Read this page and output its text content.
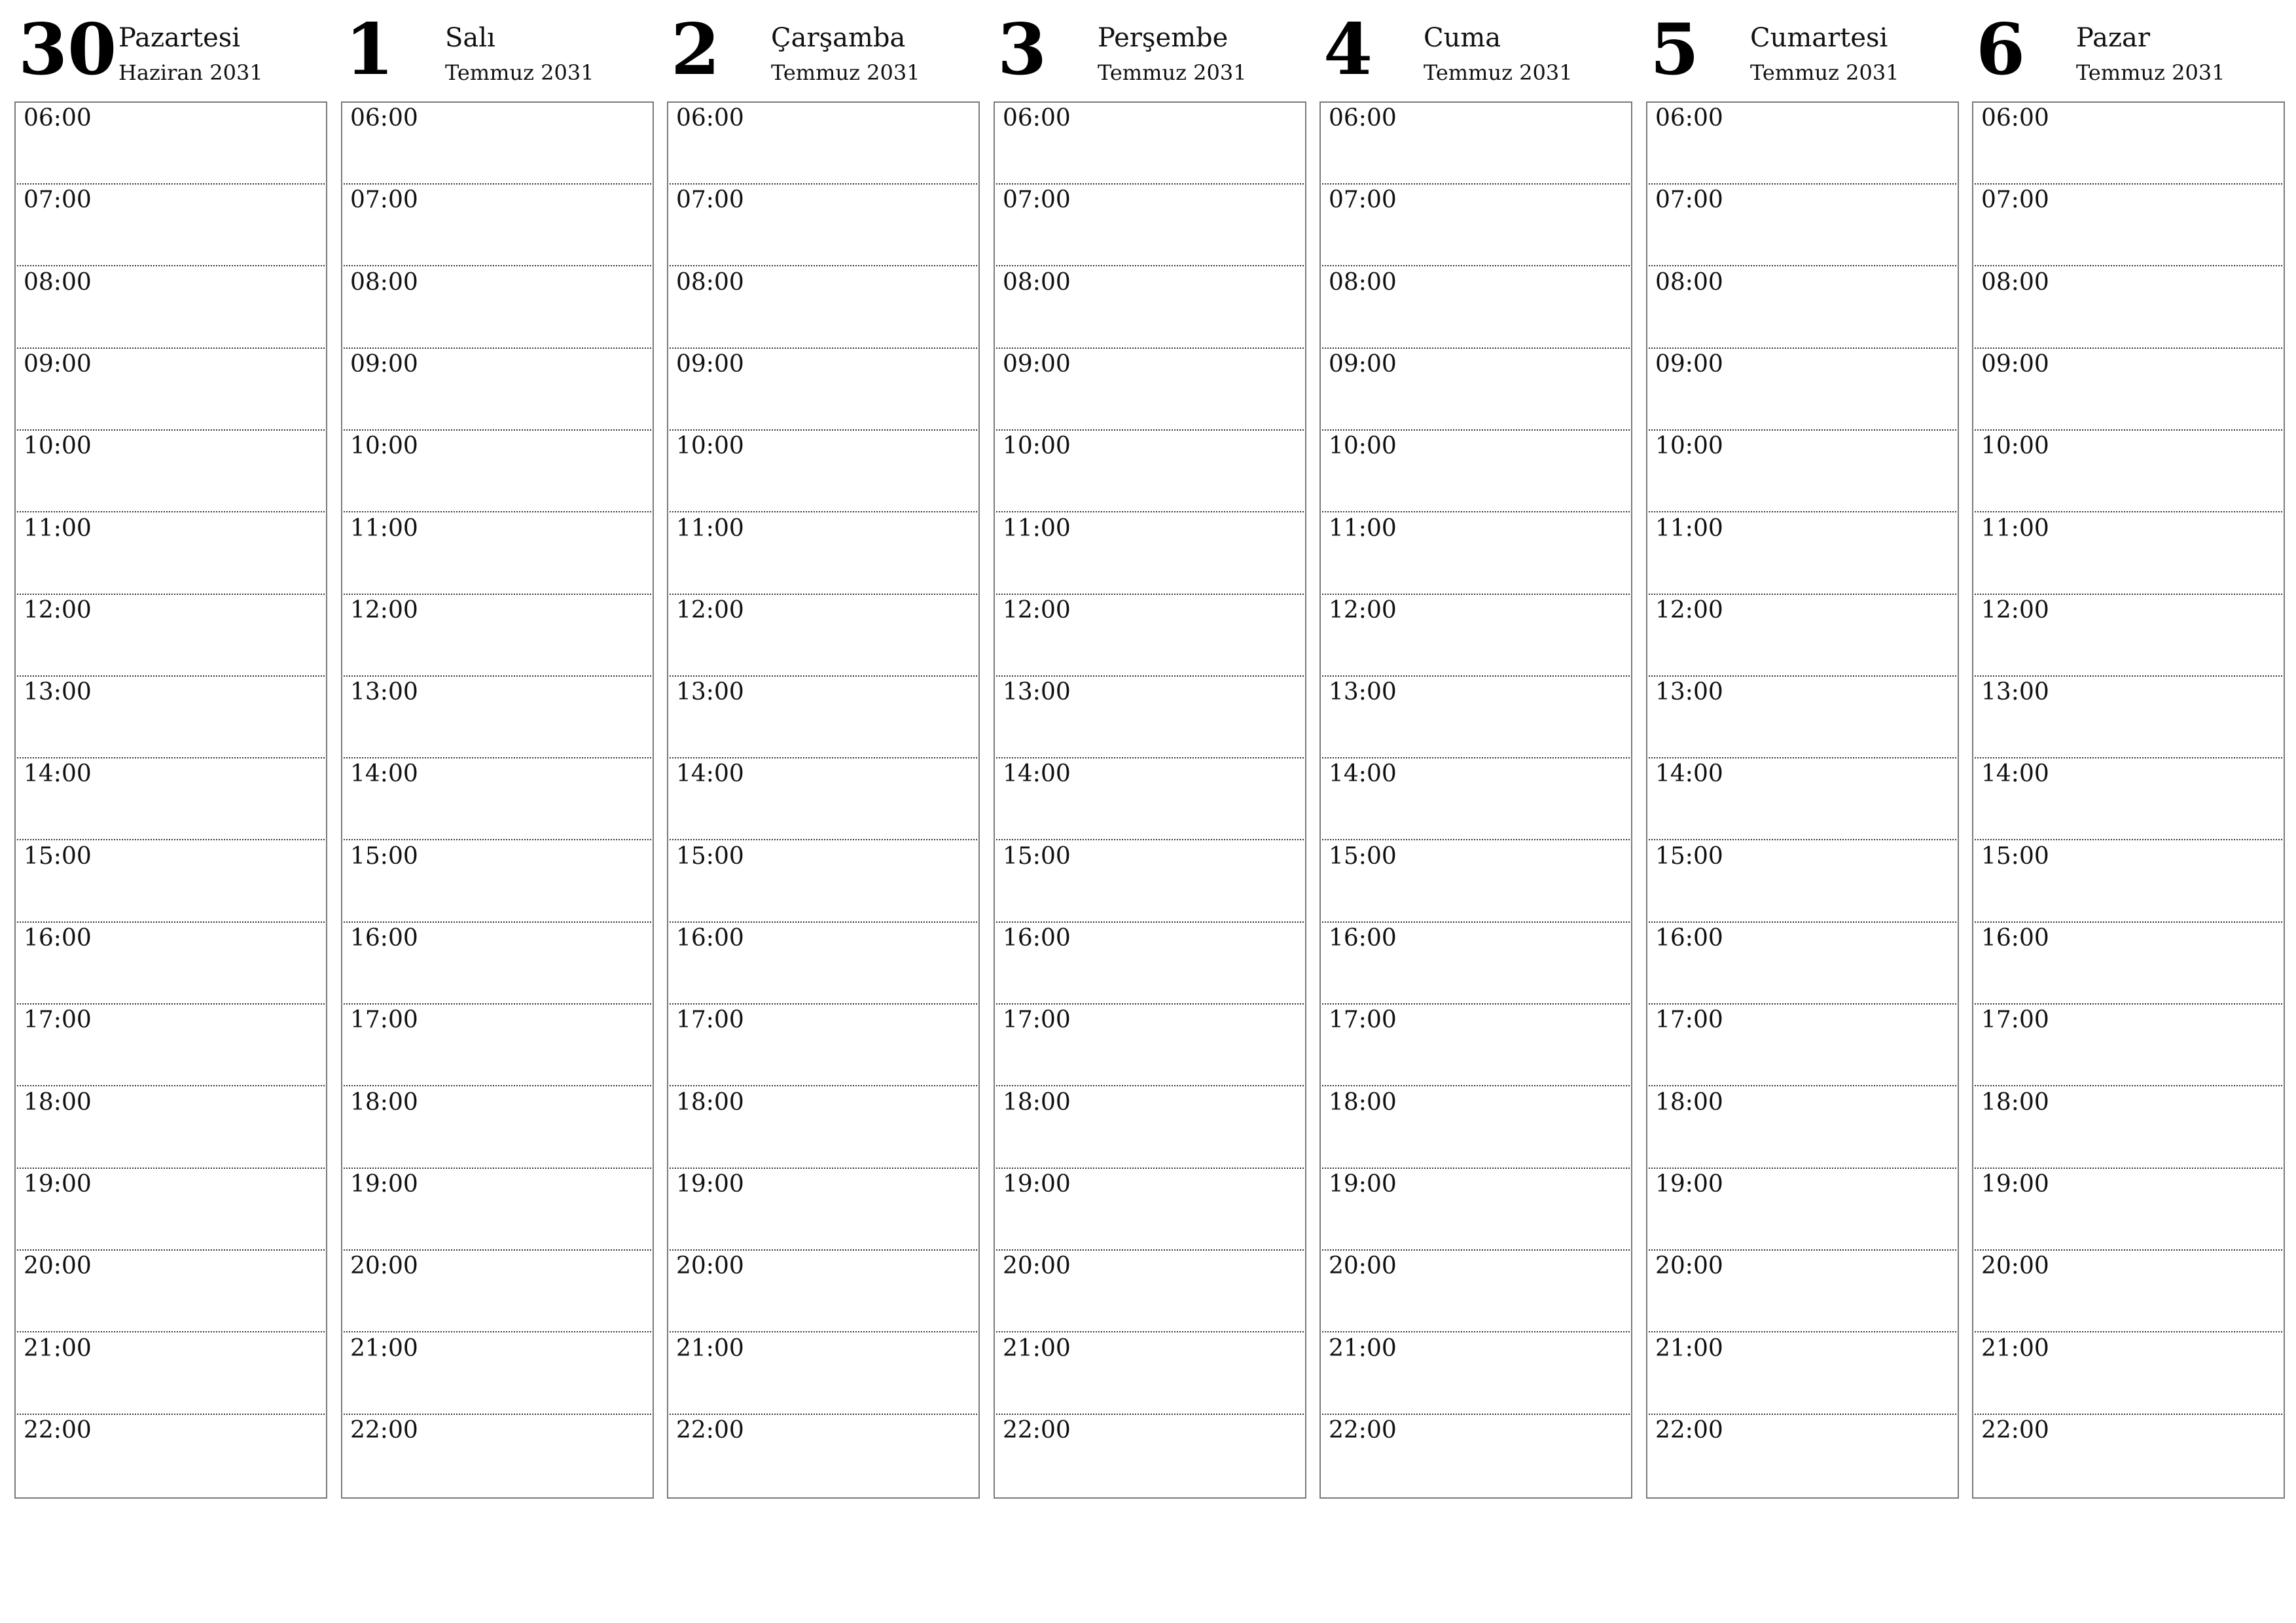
30 Pazartesi
Haziran 2031
06:00
07:00
08:00
09:00
10:00
11:00
12:00
13:00
14:00
15:00
16:00
17:00
18:00
19:00
20:00
21:00
22:00
1 Salı
Temmuz 2031
06:00
07:00
08:00
09:00
10:00
11:00
12:00
13:00
14:00
15:00
16:00
17:00
18:00
19:00
20:00
21:00
22:00
2 Çarşamba
Temmuz 2031
06:00
07:00
08:00
09:00
10:00
11:00
12:00
13:00
14:00
15:00
16:00
17:00
18:00
19:00
20:00
21:00
22:00
3 Perşembe
Temmuz 2031
06:00
07:00
08:00
09:00
10:00
11:00
12:00
13:00
14:00
15:00
16:00
17:00
18:00
19:00
20:00
21:00
22:00
4 Cuma
Temmuz 2031
06:00
07:00
08:00
09:00
10:00
11:00
12:00
13:00
14:00
15:00
16:00
17:00
18:00
19:00
20:00
21:00
22:00
5 Cumartesi
Temmuz 2031
06:00
07:00
08:00
09:00
10:00
11:00
12:00
13:00
14:00
15:00
16:00
17:00
18:00
19:00
20:00
21:00
22:00
6 Pazar
Temmuz 2031
06:00
07:00
08:00
09:00
10:00
11:00
12:00
13:00
14:00
15:00
16:00
17:00
18:00
19:00
20:00
21:00
22:00
